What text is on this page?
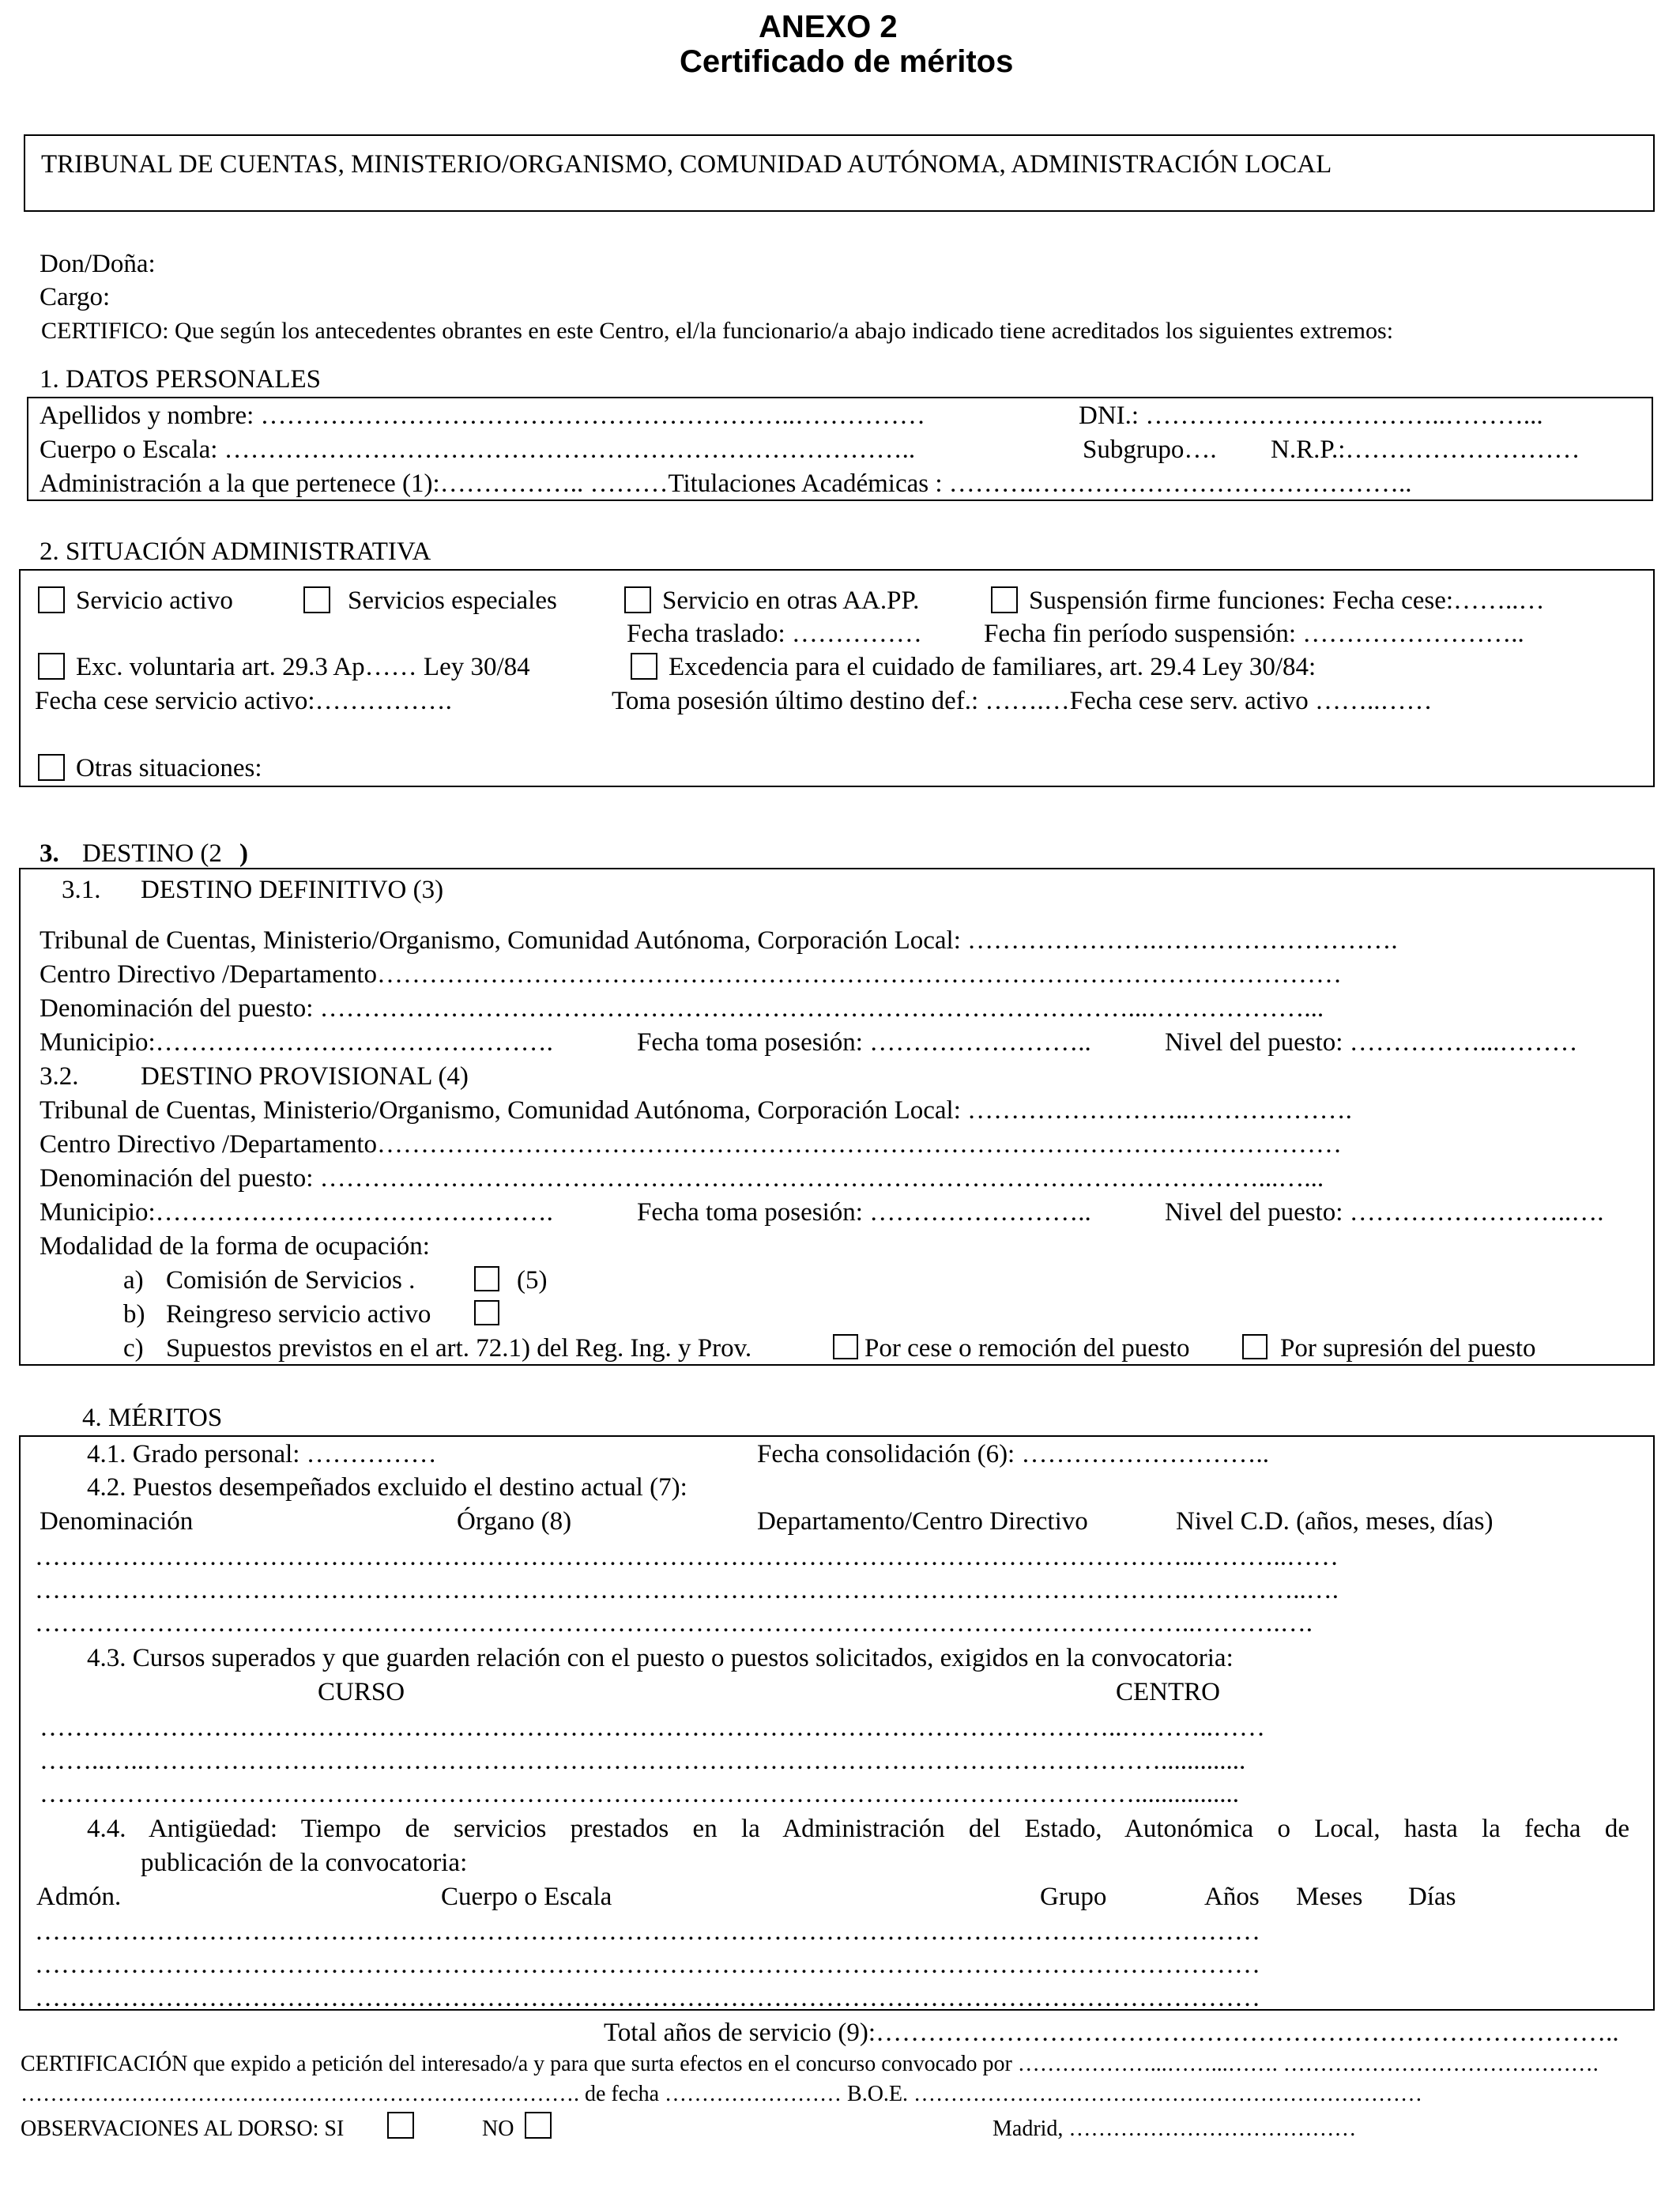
ANEXO 2
Certificado de méritos
TRIBUNAL DE CUENTAS, MINISTERIO/ORGANISMO, COMUNIDAD AUTÓNOMA, ADMINISTRACIÓN LOCAL
Don/Doña:
Cargo:
CERTIFICO: Que según los antecedentes obrantes en este Centro, el/la funcionario/a abajo indicado tiene acreditados los siguientes extremos:
1. DATOS PERSONALES
Apellidos y nombre: ……………………………………………………..……………	DNI.: ……………………………..………...
Cuerpo o Escala: ……………………………………………………………………..	Subgrupo…. N.R.P.:………………………
Administración a la que pertenece (1):…………….. ………Titulaciones Académicas : ……….……………………………………..
2. SITUACIÓN ADMINISTRATIVA
Servicio activo	Servicios especiales	Servicio en otras AA.PP.	Suspensión firme funciones: Fecha cese:……..…
Fecha traslado: …………… Fecha fin período suspensión: ……………………..
Exc. voluntaria art. 29.3 Ap…… Ley 30/84	Excedencia para el cuidado de familiares, art. 29.4 Ley 30/84:
Fecha cese servicio activo:…………….	Toma posesión último destino def.: …….…Fecha cese serv. activo ……..……
Otras situaciones:
3. DESTINO (2 )
3.1. DESTINO DEFINITIVO (3)
Tribunal de Cuentas, Ministerio/Organismo, Comunidad Autónoma, Corporación Local: ………………….……………………….
Centro Directivo /Departamento…………………………………………………………………………………………………
Denominación del puesto: …………………………………………………………………………………...………………...
Municipio:……………………………………….	Fecha toma posesión: ……………………..	Nivel del puesto: ……………...………
3.2. DESTINO PROVISIONAL (4)
Tribunal de Cuentas, Ministerio/Organismo, Comunidad Autónoma, Corporación Local: ……………………..……………….
Centro Directivo /Departamento…………………………………………………………………………………………………
Denominación del puesto: ………………………………………………………………………………………………...…...
Municipio:……………………………………….	Fecha toma posesión: ……………………..	Nivel del puesto: ……………………..….
Modalidad de la forma de ocupación:
a) Comisión de Servicios .	(5)
b) Reingreso servicio activo
c) Supuestos previstos en el art. 72.1) del Reg. Ing. y Prov.	Por cese o remoción del puesto	Por supresión del puesto
4. MÉRITOS
4.1. Grado personal: ……………	Fecha consolidación (6): ………………………..
4.2. Puestos desempeñados excluido el destino actual (7):
Denominación	Órgano (8)	Departamento/Centro Directivo	Nivel C.D. (años, meses, días)
……………………………………………………………………………………………………………………..………..……
…………………………………………………………………………………………………………………….…………..….
……………………………………………………………………………………………………………………..……….….
4.3. Cursos superados y que guarden relación con el puesto o puestos solicitados, exigidos en la convocatoria:
CURSO	CENTRO
……………………………………………………………………………………………………………..………..……
……..…..……………………………………………………………………………………………………….............
………………………………………………………………………………………………………………................
4.4. Antigüedad: Tiempo de servicios prestados en la Administración del Estado, Autonómica o Local, hasta la fecha de
publicación de la convocatoria:
Admón.	Cuerpo o Escala	Grupo	Años Meses Días
……………………………………………………………………………………………………………………………
……………………………………………………………………………………………………………………………
……………………………………………………………………………………………………………………………
Total años de servicio (9):…………………………………………………………………………..
CERTIFICACIÓN que expido a petición del interesado/a y para que surta efectos en el concurso convocado por ………………...……...……. …………………………………….
…………………………………………………………………. de fecha …………………… B.O.E. ……………………………………………………………
OBSERVACIONES AL DORSO: SI	NO	Madrid, …………………………………
